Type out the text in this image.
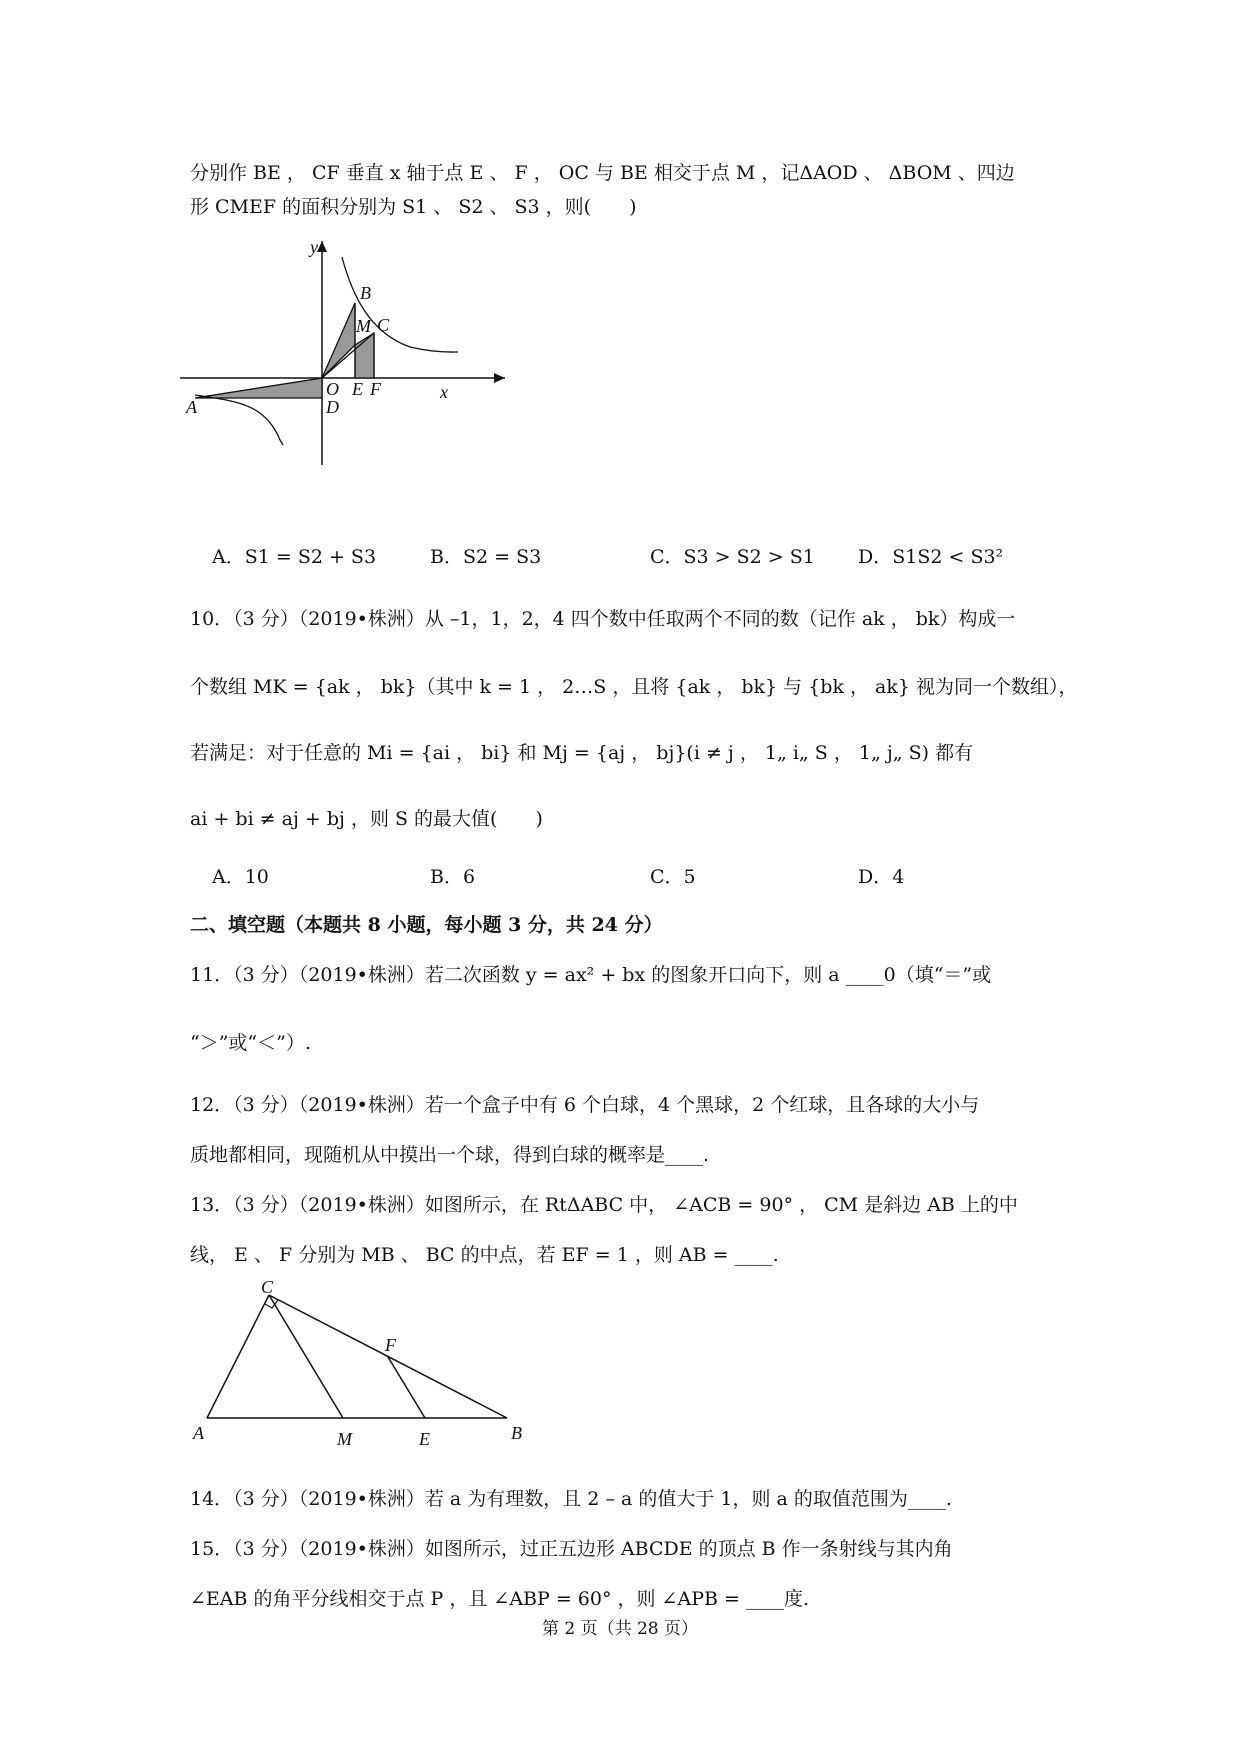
分别作 BE ， CF 垂直 x 轴于点 E 、 F ， OC 与 BE 相交于点 M ，记ΔAOD 、 ΔBOM 、四边
形 CMEF 的面积分别为 S1 、 S2 、 S3 ，则(　　)
y
x
B
M C
O
D
E F
A
A．S1 = S2 + S3	B．S2 = S3	C．S3 > S2 > S1 D．S1S2 < S3²
10．（3 分）（2019•株洲）从 –1，1，2，4 四个数中任取两个不同的数（记作 ak ， bk）构成一
个数组 MK = {ak ， bk}（其中 k = 1 ， 2…S ，且将 {ak ， bk} 与 {bk ， ak} 视为同一个数组），
若满足：对于任意的 Mi = {ai ， bi} 和 Mj = {aj ， bj}(i ≠ j ， 1„ i„ S ， 1„ j„ S) 都有
ai + bi ≠ aj + bj ，则 S 的最大值(　　)
A．10	B．6	C．5	D．4
二、填空题（本题共 8 小题，每小题 3 分，共 24 分）
11．（3 分）（2019•株洲）若二次函数 y = ax² + bx 的图象开口向下，则 a ____0（填“＝”或
“＞”或“＜”）.
12．（3 分）（2019•株洲）若一个盒子中有 6 个白球，4 个黑球，2 个红球，且各球的大小与
质地都相同，现随机从中摸出一个球，得到白球的概率是____.
13．（3 分）（2019•株洲）如图所示，在 RtΔABC 中， ∠ACB = 90° ， CM 是斜边 AB 上的中
线， E 、 F 分别为 MB 、 BC 的中点，若 EF = 1 ，则 AB = ____.
C
F
A	M	E	B
14．（3 分）（2019•株洲）若 a 为有理数，且 2 – a 的值大于 1，则 a 的取值范围为____.
15．（3 分）（2019•株洲）如图所示，过正五边形 ABCDE 的顶点 B 作一条射线与其内角
∠EAB 的角平分线相交于点 P ，且 ∠ABP = 60° ，则 ∠APB = ____度.
第 2 页（共 28 页）
